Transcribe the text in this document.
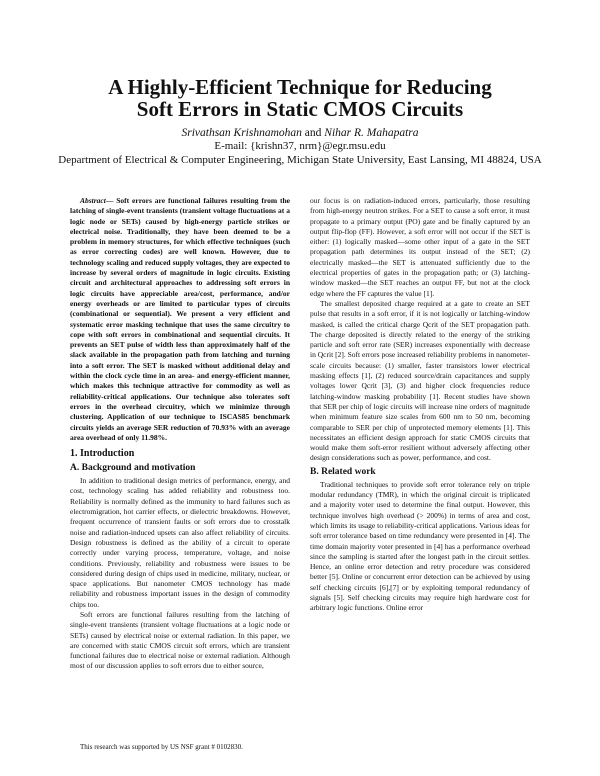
A Highly-Efficient Technique for Reducing
Soft Errors in Static CMOS Circuits
Srivathsan Krishnamohan and Nihar R. Mahapatra
E-mail: {krishn37, nrm}@egr.msu.edu
Department of Electrical & Computer Engineering, Michigan State University, East Lansing, MI 48824, USA

Abstract— Soft errors are functional failures resulting from the latching of single-event transients (transient voltage fluctuations at a logic node or SETs) caused by high-energy particle strikes or electrical noise. Traditionally, they have been deemed to be a problem in memory structures, for which effective techniques (such as error correcting codes) are well known. However, due to technology scaling and reduced supply voltages, they are expected to increase by several orders of magnitude in logic circuits. Existing circuit and architectural approaches to addressing soft errors in logic circuits have appreciable area/cost, performance, and/or energy overheads or are limited to particular types of circuits (combinational or sequential). We present a very efficient and systematic error masking technique that uses the same circuitry to cope with soft errors in combinational and sequential circuits. It prevents an SET pulse of width less than approximately half of the slack available in the propagation path from latching and turning into a soft error. The SET is masked without additional delay and within the clock cycle time in an area- and energy-efficient manner, which makes this technique attractive for commodity as well as reliability-critical applications. Our technique also tolerates soft errors in the overhead circuitry, which we minimize through clustering. Application of our technique to ISCAS85 benchmark circuits yields an average SER reduction of 70.93% with an average area overhead of only 11.98%.

1. Introduction
A. Background and motivation

In addition to traditional design metrics of performance, energy, and cost, technology scaling has added reliability and robustness too. Reliability is normally defined as the immunity to hard failures such as electromigration, hot carrier effects, or dielectric breakdowns. However, frequent occurrence of transient faults or soft errors due to crosstalk noise and radiation-induced upsets can also affect reliability of circuits. Design robustness is defined as the ability of a circuit to operate correctly under varying process, temperature, voltage, and noise conditions. Previously, reliability and robustness were issues to be considered during design of chips used in medicine, military, nuclear, or space applications. But nanometer CMOS technology has made reliability and robustness important issues in the design of commodity chips too.

Soft errors are functional failures resulting from the latching of single-event transients (transient voltage fluctuations at a logic node or SETs) caused by electrical noise or external radiation. In this paper, we are concerned with static CMOS circuit soft errors, which are transient functional failures due to electrical noise or external radiation. Although most of our discussion applies to soft errors due to either source,

our focus is on radiation-induced errors, particularly, those resulting from high-energy neutron strikes. For a SET to cause a soft error, it must propagate to a primary output (PO) gate and be finally captured by an output flip-flop (FF). However, a soft error will not occur if the SET is either: (1) logically masked—some other input of a gate in the SET propagation path determines its output instead of the SET; (2) electrically masked—the SET is attenuated sufficiently due to the electrical properties of gates in the propagation path; or (3) latching-window masked—the SET reaches an output FF, but not at the clock edge where the FF captures the value [1].

The smallest deposited charge required at a gate to create an SET pulse that results in a soft error, if it is not logically or latching-window masked, is called the critical charge Qcrit of the SET propagation path. The charge deposited is directly related to the energy of the striking particle and soft error rate (SER) increases exponentially with decrease in Qcrit [2]. Soft errors pose increased reliability problems in nanometer-scale circuits because: (1) smaller, faster transistors lower electrical masking effects [1], (2) reduced source/drain capacitances and supply voltages lower Qcrit [3], (3) and higher clock frequencies reduce latching-window masking probability [1]. Recent studies have shown that SER per chip of logic circuits will increase nine orders of magnitude when minimum feature size scales from 600 nm to 50 nm, becoming comparable to SER per chip of unprotected memory elements [1]. This necessitates an efficient design approach for static CMOS circuits that would make them soft-error resilient without adversely affecting other design considerations such as power, performance, and cost.

B. Related work

Traditional techniques to provide soft error tolerance rely on triple modular redundancy (TMR), in which the original circuit is triplicated and a majority voter used to determine the final output. However, this technique involves high overhead (> 200%) in terms of area and cost, which limits its usage to reliability-critical applications. Various ideas for soft error tolerance based on time redundancy were presented in [4]. The time domain majority voter presented in [4] has a performance overhead since the sampling is started after the longest path in the circuit settles. Hence, an online error detection and retry procedure was considered better [5]. Online or concurrent error detection can be achieved by using self checking circuits [6],[7] or by exploiting temporal redundancy of signals [5]. Self checking circuits may require high hardware cost for arbitrary logic functions. Online error

This research was supported by US NSF grant # 0102830.
